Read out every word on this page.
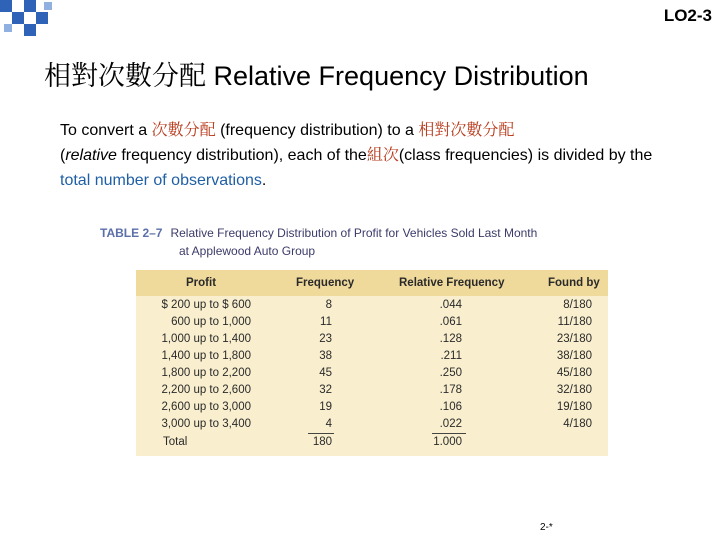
LO2-3
相對次數分配 Relative Frequency Distribution
To convert a 次數分配 (frequency distribution) to a 相對次數分配
(relative frequency distribution), each of the組次(class frequencies) is divided by the total number of observations.
TABLE 2–7 Relative Frequency Distribution of Profit for Vehicles Sold Last Month
at Applewood Auto Group
Profit	Frequency	Relative Frequency	Found by
$ 200 up to $ 600	8	.044	8/180
600 up to 1,000	11	.061	11/180
1,000 up to 1,400	23	.128	23/180
1,400 up to 1,800	38	.211	38/180
1,800 up to 2,200	45	.250	45/180
2,200 up to 2,600	32	.178	32/180
2,600 up to 3,000	19	.106	19/180
3,000 up to 3,400	4	.022	4/180
Total	180	1.000
2-*
